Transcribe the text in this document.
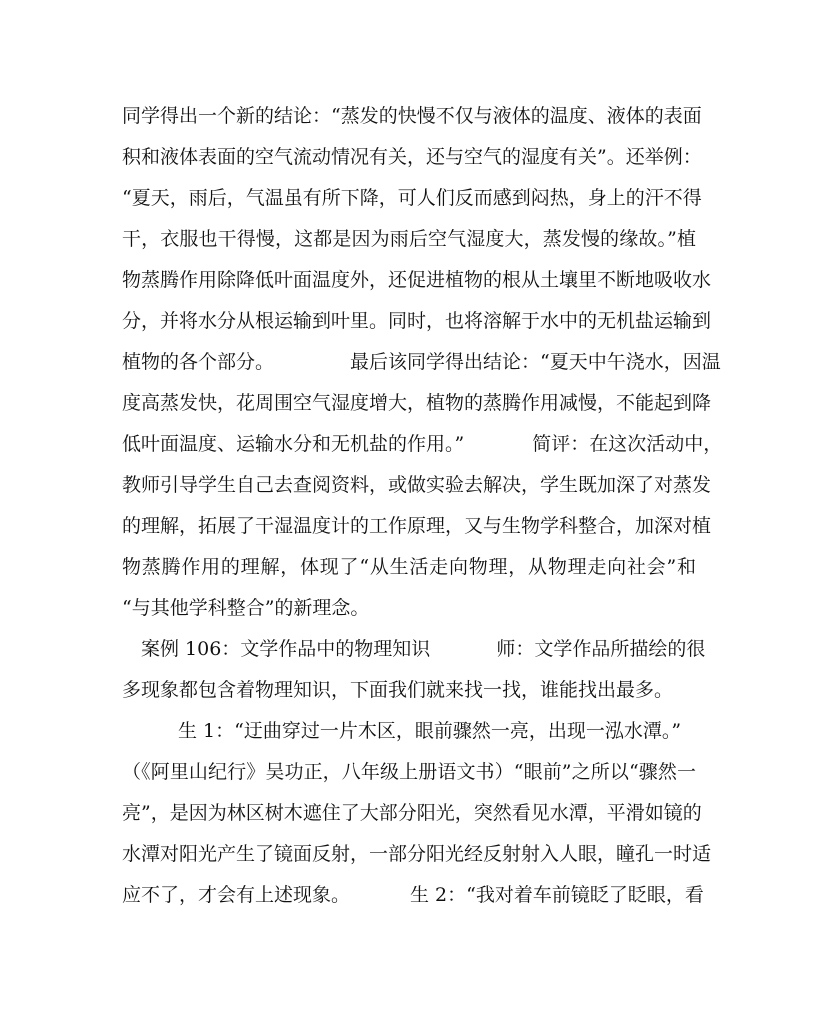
同学得出一个新的结论：“蒸发的快慢不仅与液体的温度、液体的表面
积和液体表面的空气流动情况有关，还与空气的湿度有关”。还举例：
“夏天，雨后，气温虽有所下降，可人们反而感到闷热，身上的汗不得
干，衣服也干得慢，这都是因为雨后空气湿度大，蒸发慢的缘故。”植
物蒸腾作用除降低叶面温度外，还促进植物的根从土壤里不断地吸收水
分，并将水分从根运输到叶里。同时，也将溶解于水中的无机盐运输到
植物的各个部分。	最后该同学得出结论：“夏天中午浇水，因温
度高蒸发快，花周围空气湿度增大，植物的蒸腾作用减慢，不能起到降
低叶面温度、运输水分和无机盐的作用。”	简评：在这次活动中，
教师引导学生自己去查阅资料，或做实验去解决，学生既加深了对蒸发
的理解，拓展了干湿温度计的工作原理，又与生物学科整合，加深对植
物蒸腾作用的理解，体现了“从生活走向物理，从物理走向社会”和
“与其他学科整合”的新理念。
案例 106：文学作品中的物理知识	师：文学作品所描绘的很
多现象都包含着物理知识，下面我们就来找一找，谁能找出最多。
生 1：“迂曲穿过一片木区，眼前骤然一亮，出现一泓水潭。”
（《阿里山纪行》吴功正，八年级上册语文书）“眼前”之所以“骤然一
亮”，是因为林区树木遮住了大部分阳光，突然看见水潭，平滑如镜的
水潭对阳光产生了镜面反射，一部分阳光经反射射入人眼，瞳孔一时适
应不了，才会有上述现象。	生 2：“我对着车前镜眨了眨眼，看
